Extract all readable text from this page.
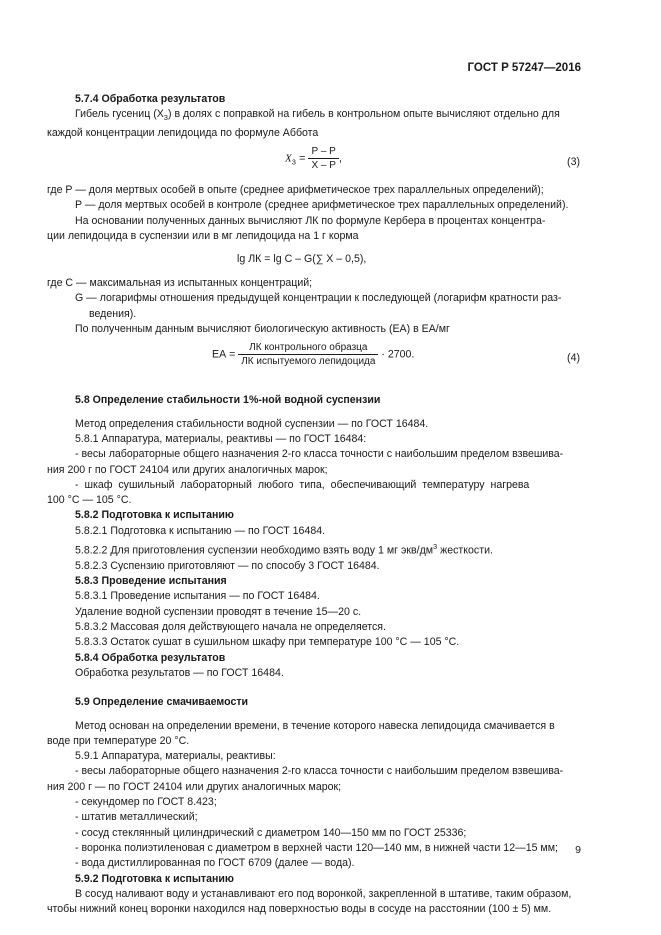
ГОСТ Р 57247—2016
5.7.4 Обработка результатов
Гибель гусениц $(X_3)$ в долях с поправкой на гибель в контрольном опыте вычисляют отдельно для
каждой концентрации лепидоцида по формуле Аббота
$X_3 = \frac{P - P}{X - P}$ ,	(3)
где P — доля мертвых особей в опыте (среднее арифметическое трех параллельных определений);
P — доля мертвых особей в контроле (среднее арифметическое трех параллельных определений).
На основании полученных данных вычисляют ЛК по формуле Кербера в процентах концентра-
ции лепидоцида в суспензии или в мг лепидоцида на 1 г корма
lg ЛК = lg C – G(∑ X – 0,5),
где C — максимальная из испытанных концентраций;
G — логарифмы отношения предыдущей концентрации к последующей (логарифм кратности раз-
ведения).
По полученным данным вычисляют биологическую активность (ЕА) в ЕА/мг
ЕА = $\frac{\text{ЛК контрольного образца}}{\text{ЛК испытуемого лепидоцида}} \cdot 2700$.	(4)
5.8 Определение стабильности 1%-ной водной суспензии
Метод определения стабильности водной суспензии — по ГОСТ 16484.
5.8.1 Аппаратура, материалы, реактивы — по ГОСТ 16484:
- весы лабораторные общего назначения 2-го класса точности с наибольшим пределом взвешива-
ния 200 г по ГОСТ 24104 или других аналогичных марок;
- шкаф сушильный лабораторный любого типа, обеспечивающий температуру нагрева
100 °С — 105 °С.
5.8.2 Подготовка к испытанию
5.8.2.1 Подготовка к испытанию — по ГОСТ 16484.
5.8.2.2 Для приготовления суспензии необходимо взять воду 1 мг экв/$дм^3$ жесткости.
5.8.2.3 Суспензию приготовляют — по способу 3 ГОСТ 16484.
5.8.3 Проведение испытания
5.8.3.1 Проведение испытания — по ГОСТ 16484.
Удаление водной суспензии проводят в течение 15—20 с.
5.8.3.2 Массовая доля действующего начала не определяется.
5.8.3.3 Остаток сушат в сушильном шкафу при температуре 100 °С — 105 °С.
5.8.4 Обработка результатов
Обработка результатов — по ГОСТ 16484.
5.9 Определение смачиваемости
Метод основан на определении времени, в течение которого навеска лепидоцида смачивается в
воде при температуре 20 °С.
5.9.1 Аппаратура, материалы, реактивы:
- весы лабораторные общего назначения 2-го класса точности с наибольшим пределом взвешива-
ния 200 г — по ГОСТ 24104 или других аналогичных марок;
- секундомер по ГОСТ 8.423;
- штатив металлический;
- сосуд стеклянный цилиндрический с диаметром 140—150 мм по ГОСТ 25336;
- воронка полиэтиленовая с диаметром в верхней части 120—140 мм, в нижней части 12—15 мм;
- вода дистиллированная по ГОСТ 6709 (далее — вода).
5.9.2 Подготовка к испытанию
В сосуд наливают воду и устанавливают его под воронкой, закрепленной в штативе, таким образом,
чтобы нижний конец воронки находился над поверхностью воды в сосуде на расстоянии (100 ± 5) мм.
9
